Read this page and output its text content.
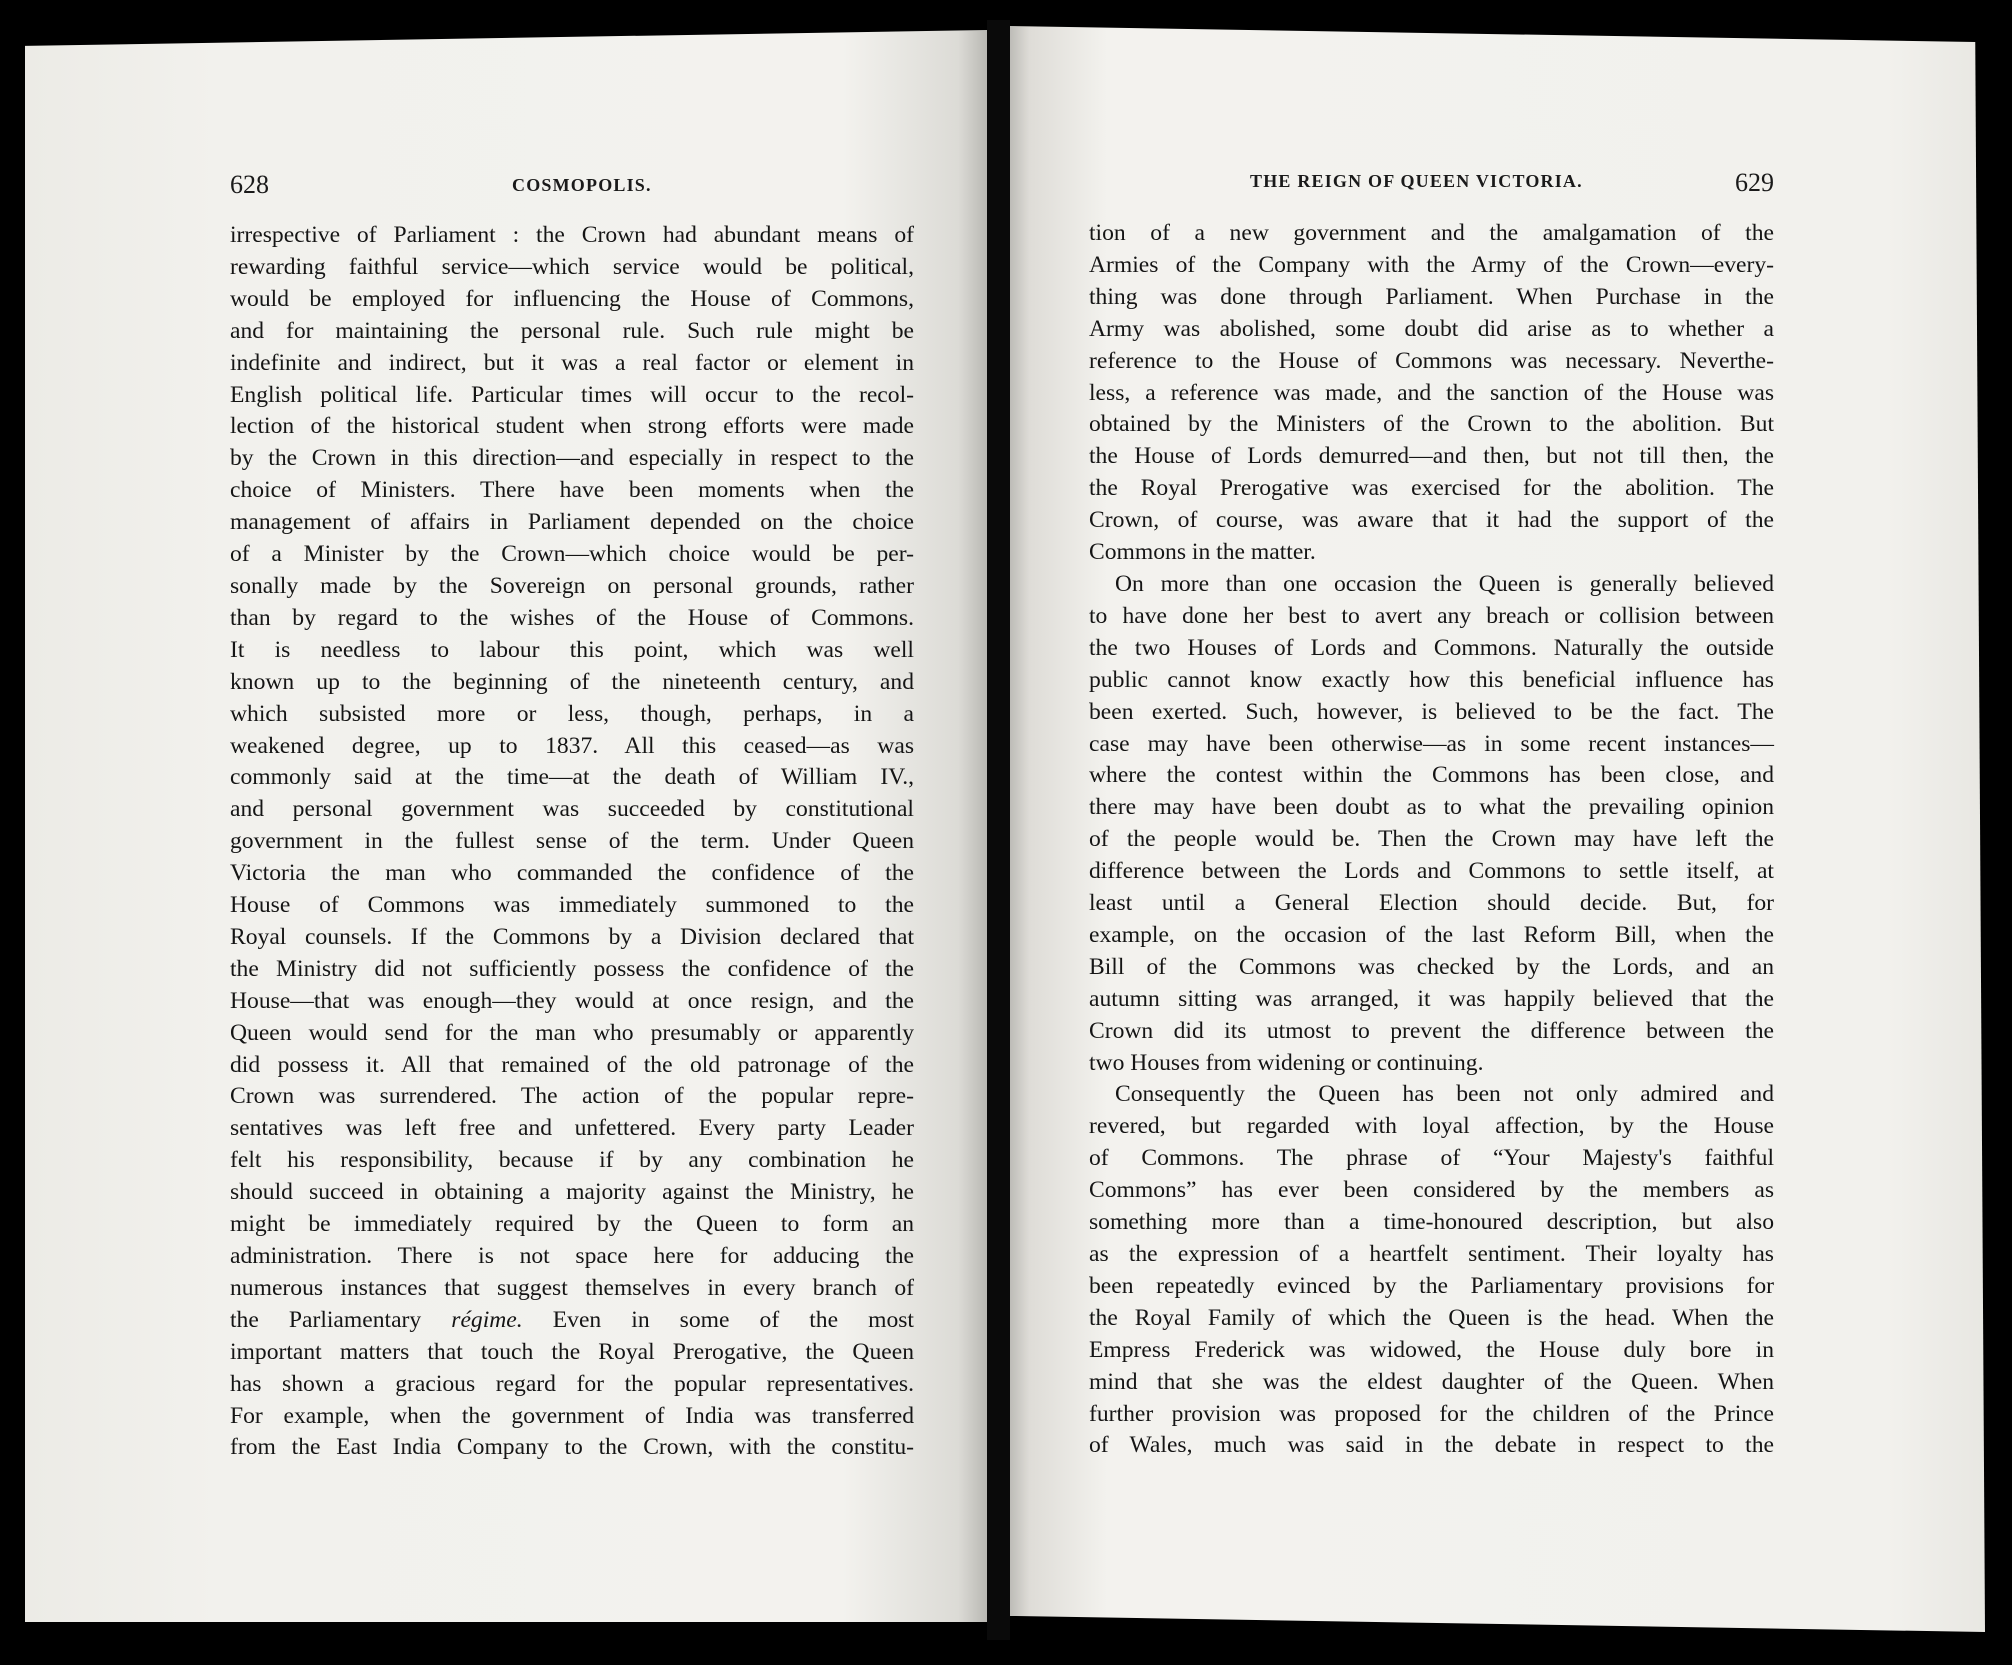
628	COSMOPOLIS.	THE REIGN OF QUEEN VICTORIA.	629
irrespective of Parliament : the Crown had abundant means of
rewarding faithful service—which service would be political,
would be employed for influencing the House of Commons,
and for maintaining the personal rule. Such rule might be
indefinite and indirect, but it was a real factor or element in
English political life. Particular times will occur to the recol-
lection of the historical student when strong efforts were made
by the Crown in this direction—and especially in respect to the
choice of Ministers. There have been moments when the
management of affairs in Parliament depended on the choice
of a Minister by the Crown—which choice would be per-
sonally made by the Sovereign on personal grounds, rather
than by regard to the wishes of the House of Commons.
It is needless to labour this point, which was well
known up to the beginning of the nineteenth century, and
which subsisted more or less, though, perhaps, in a
weakened degree, up to 1837. All this ceased—as was
commonly said at the time—at the death of William IV.,
and personal government was succeeded by constitutional
government in the fullest sense of the term. Under Queen
Victoria the man who commanded the confidence of the
House of Commons was immediately summoned to the
Royal counsels. If the Commons by a Division declared that
the Ministry did not sufficiently possess the confidence of the
House—that was enough—they would at once resign, and the
Queen would send for the man who presumably or apparently
did possess it. All that remained of the old patronage of the
Crown was surrendered. The action of the popular repre-
sentatives was left free and unfettered. Every party Leader
felt his responsibility, because if by any combination he
should succeed in obtaining a majority against the Ministry, he
might be immediately required by the Queen to form an
administration. There is not space here for adducing the
numerous instances that suggest themselves in every branch of
the Parliamentary régime. Even in some of the most
important matters that touch the Royal Prerogative, the Queen
has shown a gracious regard for the popular representatives.
For example, when the government of India was transferred
from the East India Company to the Crown, with the constitu-
tion of a new government and the amalgamation of the
Armies of the Company with the Army of the Crown—every-
thing was done through Parliament. When Purchase in the
Army was abolished, some doubt did arise as to whether a
reference to the House of Commons was necessary. Neverthe-
less, a reference was made, and the sanction of the House was
obtained by the Ministers of the Crown to the abolition. But
the House of Lords demurred—and then, but not till then, the
the Royal Prerogative was exercised for the abolition. The
Crown, of course, was aware that it had the support of the
Commons in the matter.
On more than one occasion the Queen is generally believed
to have done her best to avert any breach or collision between
the two Houses of Lords and Commons. Naturally the outside
public cannot know exactly how this beneficial influence has
been exerted. Such, however, is believed to be the fact. The
case may have been otherwise—as in some recent instances—
where the contest within the Commons has been close, and
there may have been doubt as to what the prevailing opinion
of the people would be. Then the Crown may have left the
difference between the Lords and Commons to settle itself, at
least until a General Election should decide. But, for
example, on the occasion of the last Reform Bill, when the
Bill of the Commons was checked by the Lords, and an
autumn sitting was arranged, it was happily believed that the
Crown did its utmost to prevent the difference between the
two Houses from widening or continuing.
Consequently the Queen has been not only admired and
revered, but regarded with loyal affection, by the House
of Commons. The phrase of “Your Majesty's faithful
Commons” has ever been considered by the members as
something more than a time-honoured description, but also
as the expression of a heartfelt sentiment. Their loyalty has
been repeatedly evinced by the Parliamentary provisions for
the Royal Family of which the Queen is the head. When the
Empress Frederick was widowed, the House duly bore in
mind that she was the eldest daughter of the Queen. When
further provision was proposed for the children of the Prince
of Wales, much was said in the debate in respect to the
